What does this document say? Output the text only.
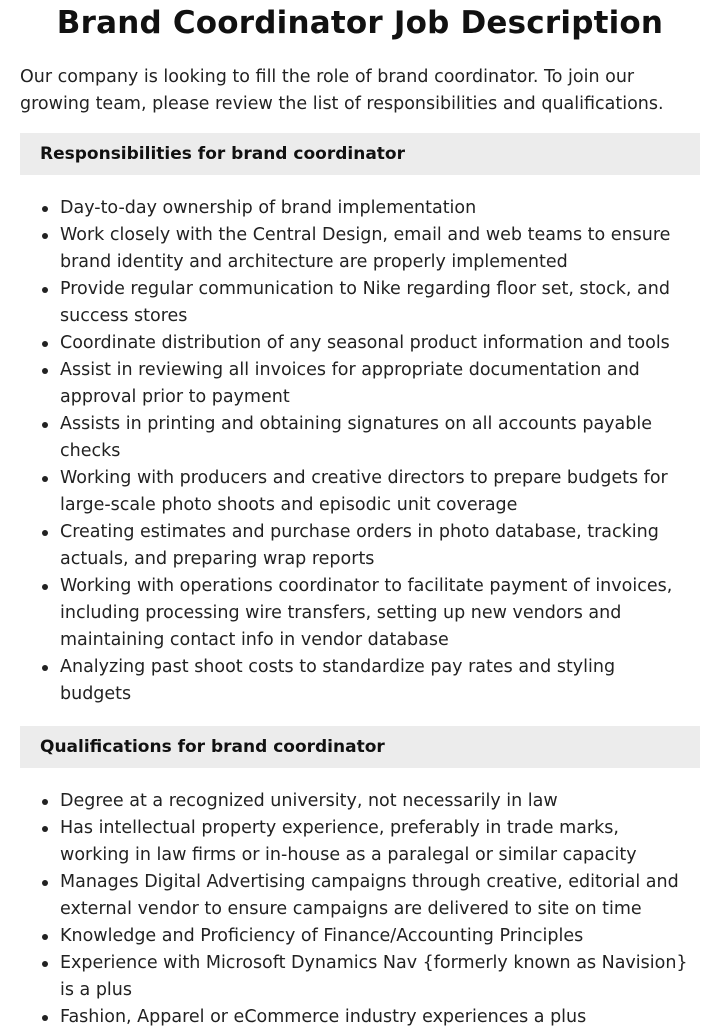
Brand Coordinator Job Description

Our company is looking to fill the role of brand coordinator. To join our growing team, please review the list of responsibilities and qualifications.

Responsibilities for brand coordinator
Day-to-day ownership of brand implementation
Work closely with the Central Design, email and web teams to ensure brand identity and architecture are properly implemented
Provide regular communication to Nike regarding floor set, stock, and success stores
Coordinate distribution of any seasonal product information and tools
Assist in reviewing all invoices for appropriate documentation and approval prior to payment
Assists in printing and obtaining signatures on all accounts payable checks
Working with producers and creative directors to prepare budgets for large-scale photo shoots and episodic unit coverage
Creating estimates and purchase orders in photo database, tracking actuals, and preparing wrap reports
Working with operations coordinator to facilitate payment of invoices, including processing wire transfers, setting up new vendors and maintaining contact info in vendor database
Analyzing past shoot costs to standardize pay rates and styling budgets
Qualifications for brand coordinator
Degree at a recognized university, not necessarily in law
Has intellectual property experience, preferably in trade marks, working in law firms or in-house as a paralegal or similar capacity
Manages Digital Advertising campaigns through creative, editorial and external vendor to ensure campaigns are delivered to site on time
Knowledge and Proficiency of Finance/Accounting Principles
Experience with Microsoft Dynamics Nav {formerly known as Navision} is a plus
Fashion, Apparel or eCommerce industry experiences a plus
